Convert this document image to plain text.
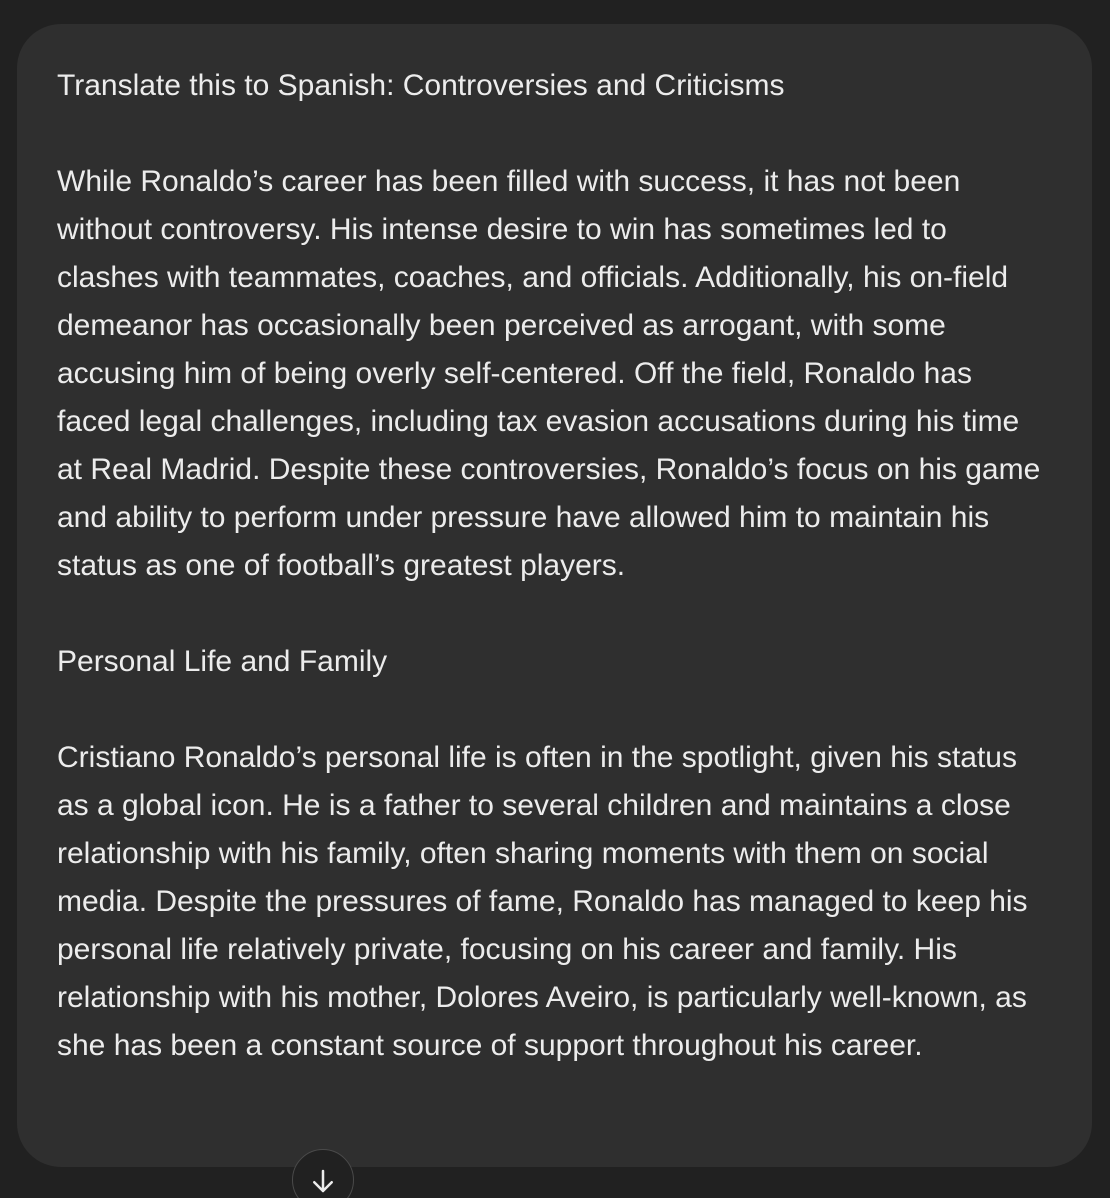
Translate this to Spanish: Controversies and Criticisms

While Ronaldo’s career has been filled with success, it has not been without controversy. His intense desire to win has sometimes led to clashes with teammates, coaches, and officials. Additionally, his on-field demeanor has occasionally been perceived as arrogant, with some accusing him of being overly self-centered. Off the field, Ronaldo has faced legal challenges, including tax evasion accusations during his time at Real Madrid. Despite these controversies, Ronaldo’s focus on his game and ability to perform under pressure have allowed him to maintain his status as one of football’s greatest players.

Personal Life and Family

Cristiano Ronaldo’s personal life is often in the spotlight, given his status as a global icon. He is a father to several children and maintains a close relationship with his family, often sharing moments with them on social media. Despite the pressures of fame, Ronaldo has managed to keep his personal life relatively private, focusing on his career and family. His relationship with his mother, Dolores Aveiro, is particularly well-known, as she has been a constant source of support throughout his career.
